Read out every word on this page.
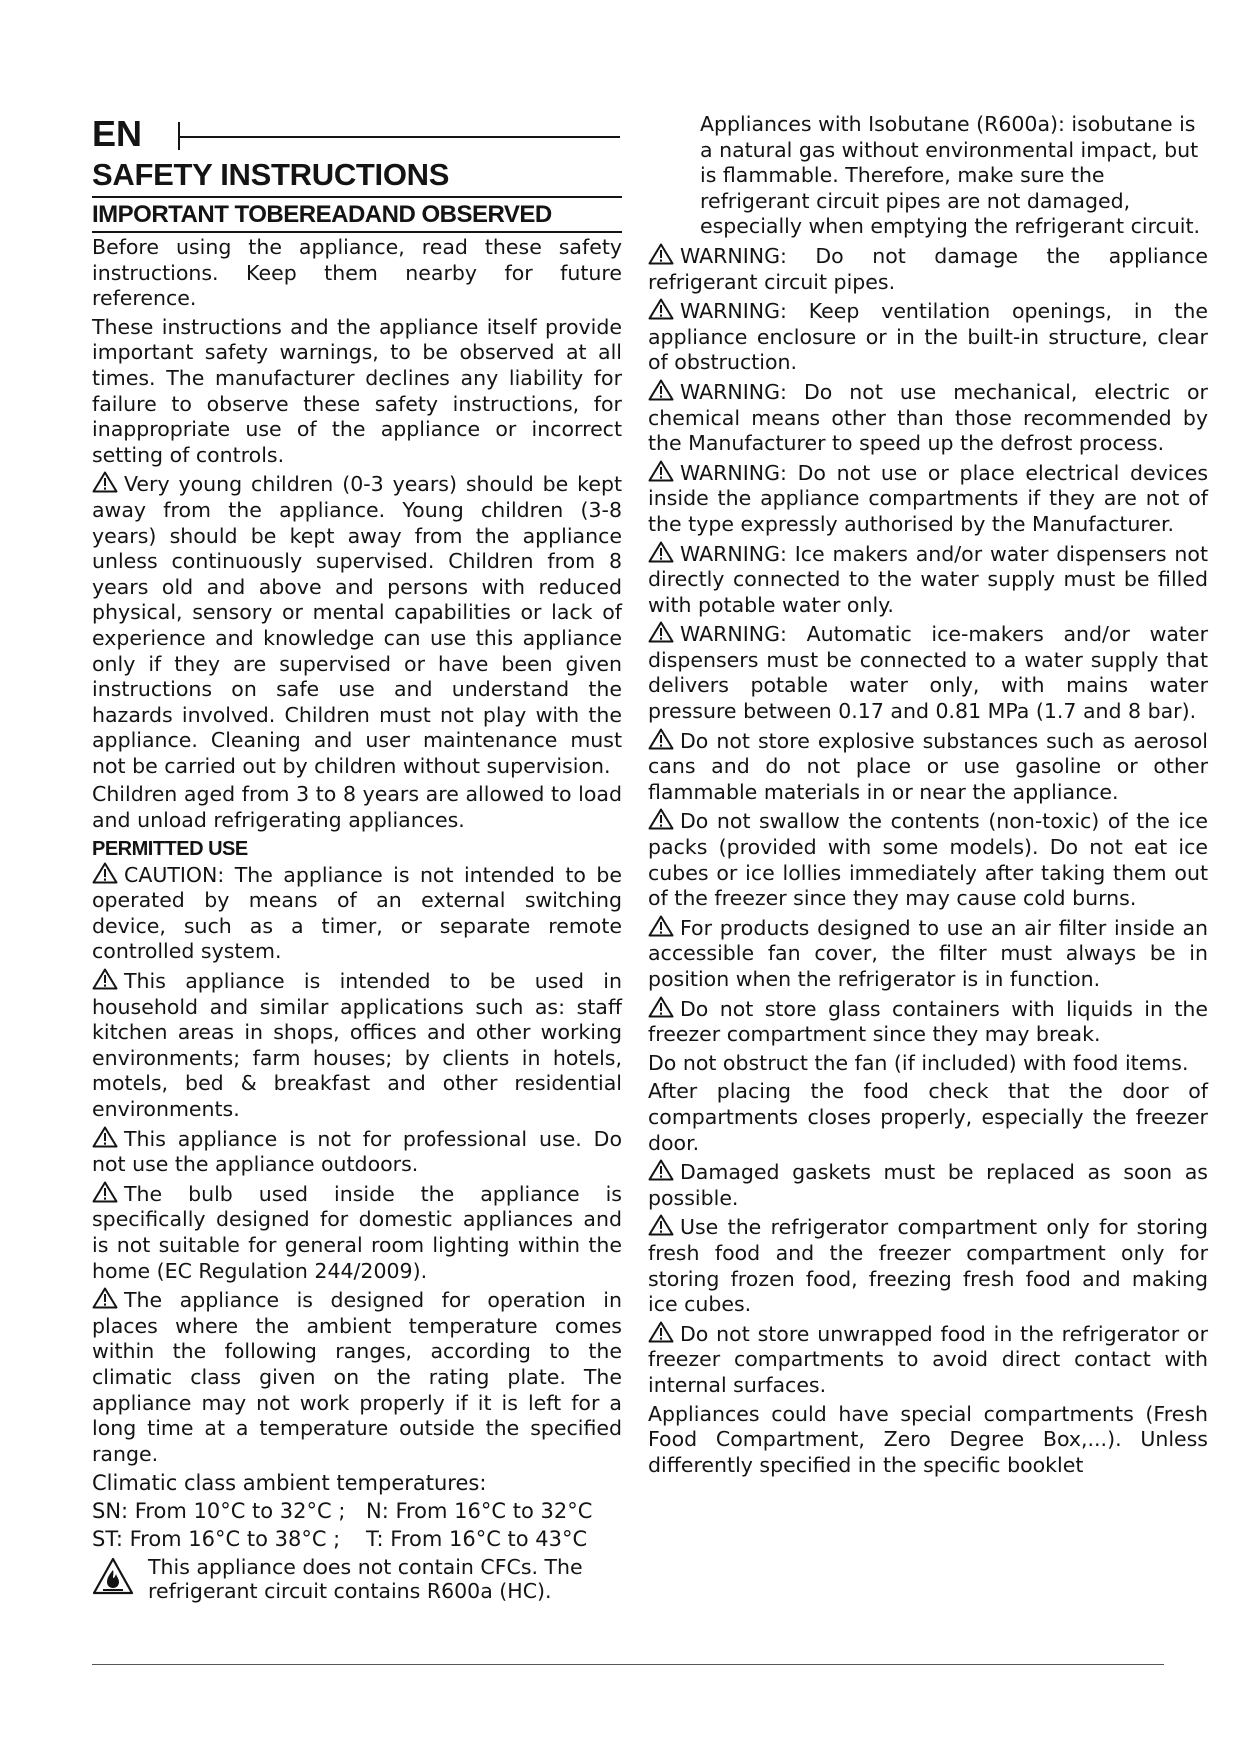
EN
SAFETY INSTRUCTIONS
IMPORTANT TOBEREADAND OBSERVED

Before using the appliance, read these safety instructions. Keep them nearby for future reference.

These instructions and the appliance itself provide important safety warnings, to be observed at all times. The manufacturer declines any liability for failure to observe these safety instructions, for inappropriate use of the appliance or incorrect setting of controls.

Very young children (0-3 years) should be kept away from the appliance. Young children (3-8 years) should be kept away from the appliance unless continuously supervised. Children from 8 years old and above and persons with reduced physical, sensory or mental capabilities or lack of experience and knowledge can use this appliance only if they are supervised or have been given instructions on safe use and understand the hazards involved. Children must not play with the appliance. Cleaning and user maintenance must not be carried out by children without supervision.

Children aged from 3 to 8 years are allowed to load and unload refrigerating appliances.

PERMITTED USE

CAUTION: The appliance is not intended to be operated by means of an external switching device, such as a timer, or separate remote controlled system.

This appliance is intended to be used in household and similar applications such as: staff kitchen areas in shops, offices and other working environments; farm houses; by clients in hotels, motels, bed & breakfast and other residential environments.

This appliance is not for professional use. Do not use the appliance outdoors.

The bulb used inside the appliance is specifically designed for domestic appliances and is not suitable for general room lighting within the home (EC Regulation 244/2009).

The appliance is designed for operation in places where the ambient temperature comes within the following ranges, according to the climatic class given on the rating plate. The appliance may not work properly if it is left for a long time at a temperature outside the specified range.

Climatic class ambient temperatures:
SN: From 10°C to 32°C ; N: From 16°C to 32°C
ST: From 16°C to 38°C ;	T: From 16°C to 43°C
This appliance does not contain CFCs. The refrigerant circuit contains R600a (HC).

Appliances with Isobutane (R600a): isobutane is a natural gas without environmental impact, but is flammable. Therefore, make sure the refrigerant circuit pipes are not damaged, especially when emptying the refrigerant circuit.

WARNING: Do not damage the appliance refrigerant circuit pipes.

WARNING: Keep ventilation openings, in the appliance enclosure or in the built-in structure, clear of obstruction.

WARNING: Do not use mechanical, electric or chemical means other than those recommended by the Manufacturer to speed up the defrost process.

WARNING: Do not use or place electrical devices inside the appliance compartments if they are not of the type expressly authorised by the Manufacturer.

WARNING: Ice makers and/or water dispensers not directly connected to the water supply must be filled with potable water only.

WARNING: Automatic ice-makers and/or water dispensers must be connected to a water supply that delivers potable water only, with mains water pressure between 0.17 and 0.81 MPa (1.7 and 8 bar).

Do not store explosive substances such as aerosol cans and do not place or use gasoline or other flammable materials in or near the appliance.

Do not swallow the contents (non-toxic) of the ice packs (provided with some models). Do not eat ice cubes or ice lollies immediately after taking them out of the freezer since they may cause cold burns.

For products designed to use an air filter inside an accessible fan cover, the filter must always be in position when the refrigerator is in function.

Do not store glass containers with liquids in the freezer compartment since they may break.

Do not obstruct the fan (if included) with food items.

After placing the food check that the door of compartments closes properly, especially the freezer door.

Damaged gaskets must be replaced as soon as possible.

Use the refrigerator compartment only for storing fresh food and the freezer compartment only for storing frozen food, freezing fresh food and making ice cubes.

Do not store unwrapped food in the refrigerator or freezer compartments to avoid direct contact with internal surfaces.

Appliances could have special compartments (Fresh Food Compartment, Zero Degree Box,...). Unless differently specified in the specific booklet
